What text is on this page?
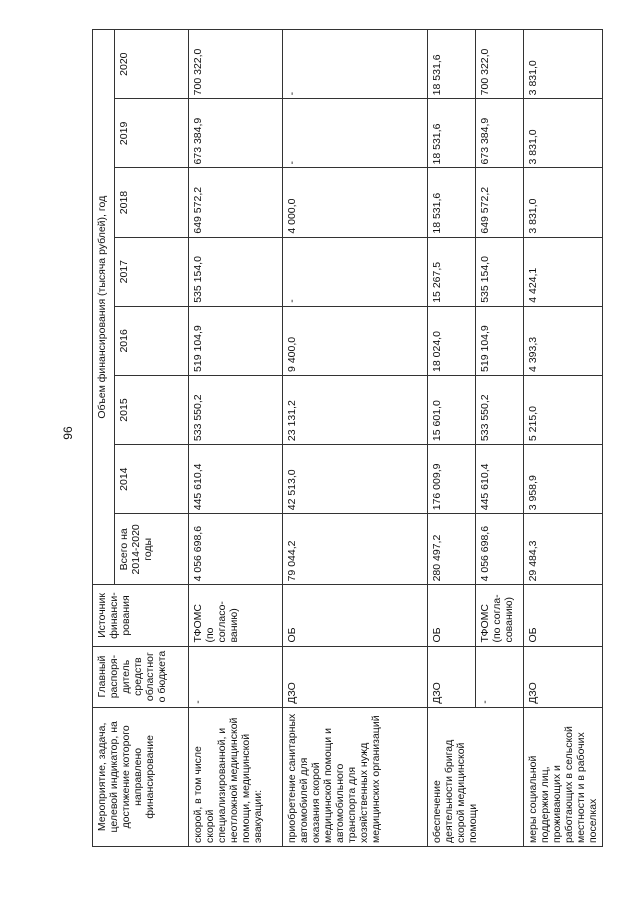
96
Мероприятие, задача, целевой индикатор, на достижение которого направлено финансирование	Главный распоря-дитель средств областного бюджета	Источник финанси-рования	Объем финансирования (тысяча рублей), год							
			Всего на 2014-2020 годы	2014	2015	2016	2017	2018	2019	2020
скорой, в том числе скорой специализированной, и неотложной медицинской помощи, медицинской эвакуации:	-	ТФОМС (по согласо-ванию)	4 056 698,6	445 610,4	533 550,2	519 104,9	535 154,0	649 572,2	673 384,9	700 322,0
приобретение санитарных автомобилей для оказания скорой медицинской помощи и автомобильного транспорта для хозяйственных нужд медицинских организаций	ДЗО	ОБ	79 044,2	42 513,0	23 131,2	9 400,0	-	4 000,0	-	-
обеспечение деятельности бригад скорой медицинской помощи	ДЗО	ОБ	280 497,2	176 009,9	15 601,0	18 024,0	15 267,5	18 531,6	18 531,6	18 531,6
	-	ТФОМС (по согла-сованию)	4 056 698,6	445 610,4	533 550,2	519 104,9	535 154,0	649 572,2	673 384,9	700 322,0
меры социальной поддержки лиц, проживающих и работающих в сельской местности и в рабочих поселках	ДЗО	ОБ	29 484,3	3 958,9	5 215,0	4 393,3	4 424,1	3 831,0	3 831,0	3 831,0
